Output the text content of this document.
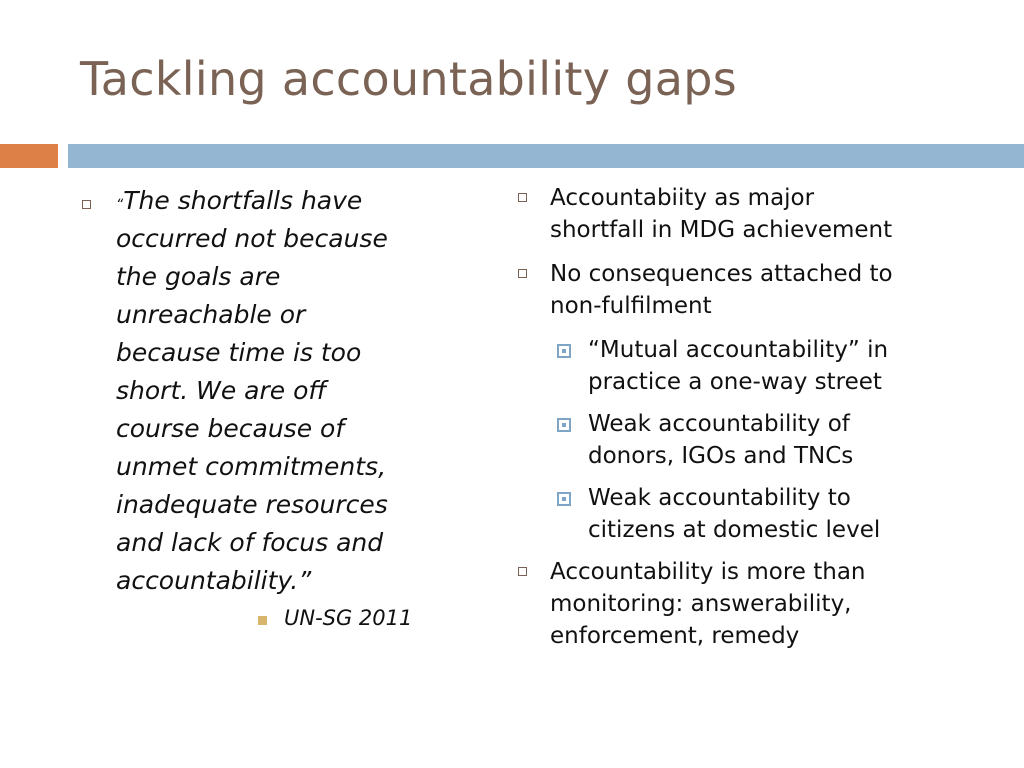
Tackling accountability gaps
“The shortfalls have
occurred not because
the goals are
unreachable or
because time is too
short. We are off
course because of
unmet commitments,
inadequate resources
and lack of focus and
accountability.”
UN-SG 2011
Accountabiity as major
shortfall in MDG achievement
No consequences attached to
non-fulfilment
“Mutual accountability” in
practice a one-way street
Weak accountability of
donors, IGOs and TNCs
Weak accountability to
citizens at domestic level
Accountability is more than
monitoring: answerability,
enforcement, remedy
